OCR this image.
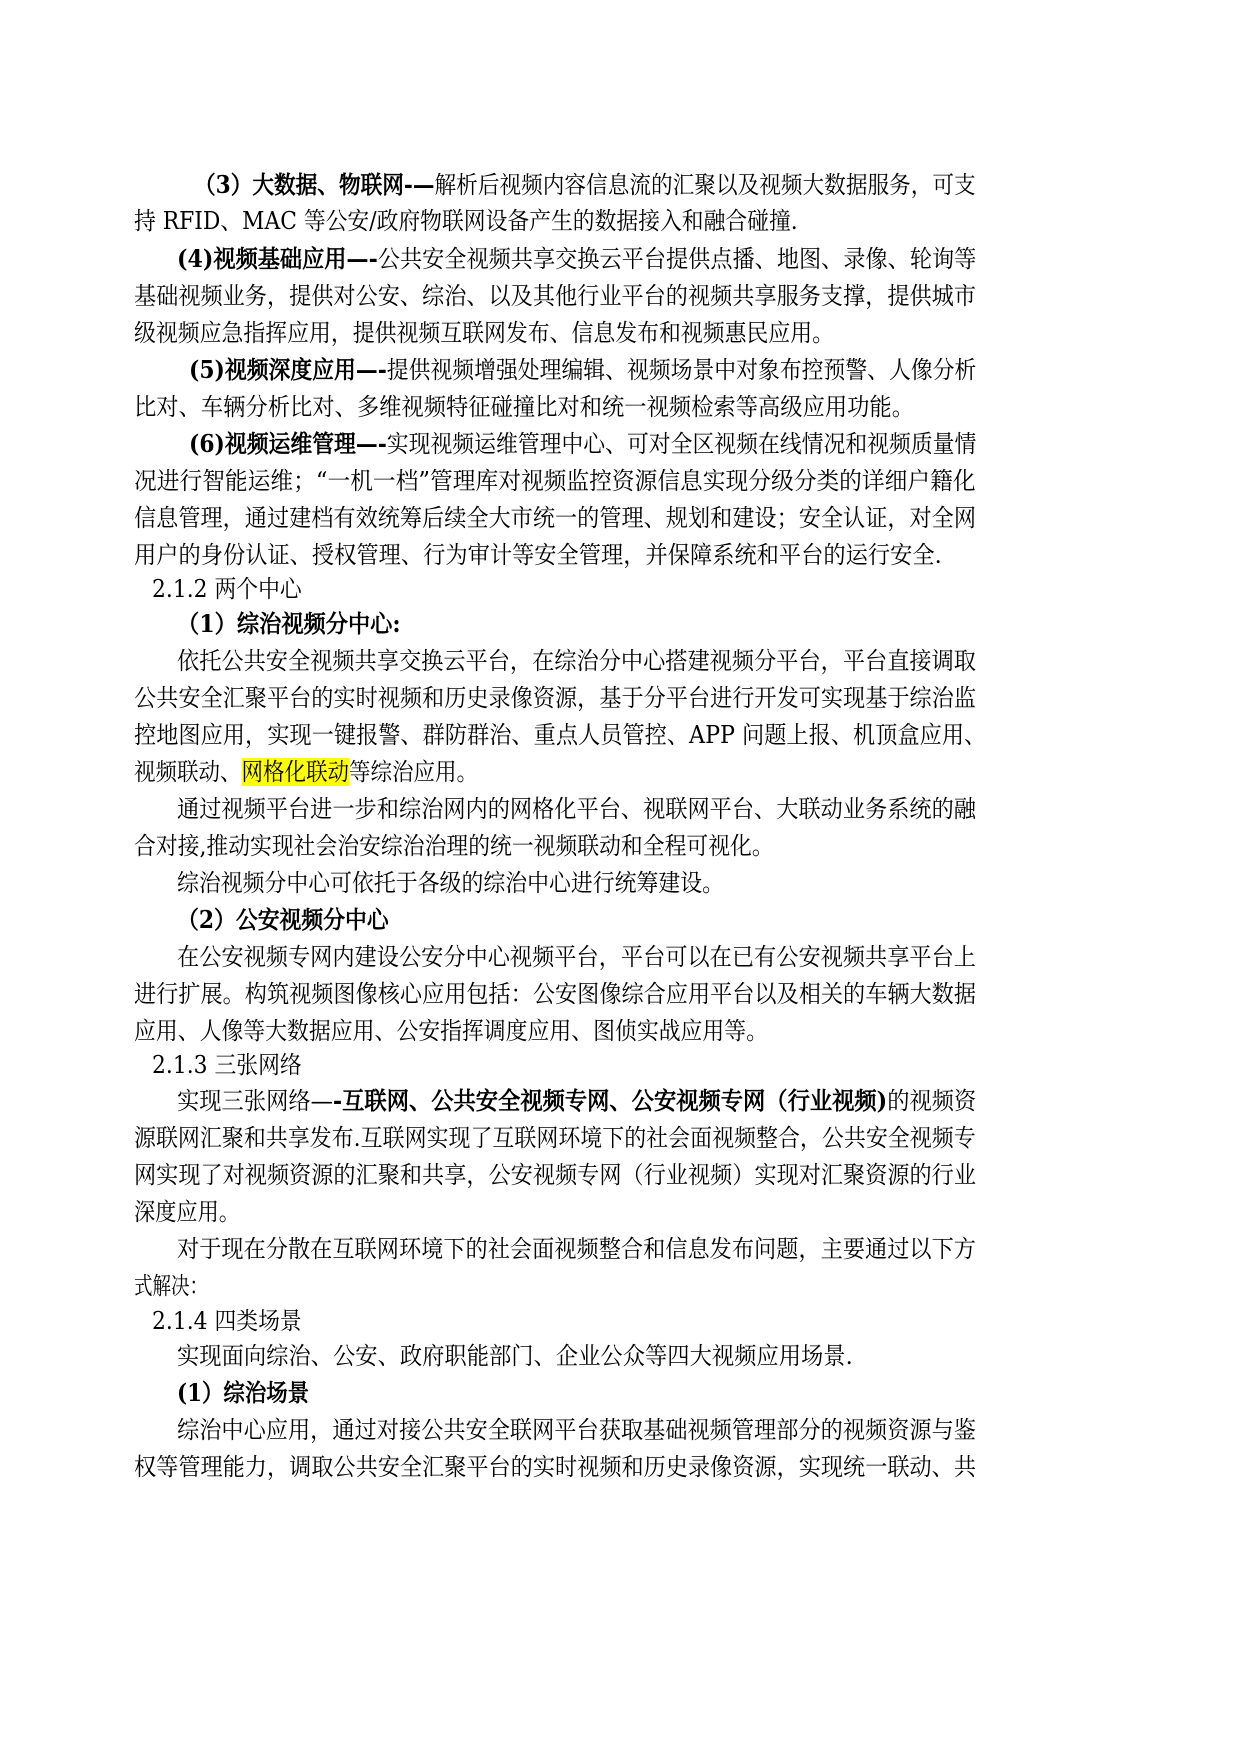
（3）大数据、物联网-—解析后视频内容信息流的汇聚以及视频大数据服务，可支
持 RFID、MAC 等公安/政府物联网设备产生的数据接入和融合碰撞.
(4)视频基础应用—-公共安全视频共享交换云平台提供点播、地图、录像、轮询等
基础视频业务，提供对公安、综治、以及其他行业平台的视频共享服务支撑，提供城市
级视频应急指挥应用，提供视频互联网发布、信息发布和视频惠民应用。
(5)视频深度应用—-提供视频增强处理编辑、视频场景中对象布控预警、人像分析
比对、车辆分析比对、多维视频特征碰撞比对和统一视频检索等高级应用功能。
(6)视频运维管理—-实现视频运维管理中心、可对全区视频在线情况和视频质量情
况进行智能运维；“一机一档”管理库对视频监控资源信息实现分级分类的详细户籍化
信息管理，通过建档有效统筹后续全大市统一的管理、规划和建设；安全认证，对全网
用户的身份认证、授权管理、行为审计等安全管理，并保障系统和平台的运行安全.
2.1.2 两个中心
（1）综治视频分中心:
依托公共安全视频共享交换云平台，在综治分中心搭建视频分平台，平台直接调取
公共安全汇聚平台的实时视频和历史录像资源，基于分平台进行开发可实现基于综治监
控地图应用，实现一键报警、群防群治、重点人员管控、APP 问题上报、机顶盒应用、
视频联动、网格化联动等综治应用。
通过视频平台进一步和综治网内的网格化平台、视联网平台、大联动业务系统的融
合对接,推动实现社会治安综治治理的统一视频联动和全程可视化。
综治视频分中心可依托于各级的综治中心进行统筹建设。
（2）公安视频分中心
在公安视频专网内建设公安分中心视频平台，平台可以在已有公安视频共享平台上
进行扩展。构筑视频图像核心应用包括：公安图像综合应用平台以及相关的车辆大数据
应用、人像等大数据应用、公安指挥调度应用、图侦实战应用等。
2.1.3 三张网络
实现三张网络—-互联网、公共安全视频专网、公安视频专网（行业视频)的视频资
源联网汇聚和共享发布.互联网实现了互联网环境下的社会面视频整合，公共安全视频专
网实现了对视频资源的汇聚和共享，公安视频专网（行业视频）实现对汇聚资源的行业
深度应用。
对于现在分散在互联网环境下的社会面视频整合和信息发布问题，主要通过以下方
式解决：
2.1.4 四类场景
实现面向综治、公安、政府职能部门、企业公众等四大视频应用场景.
(1）综治场景
综治中心应用，通过对接公共安全联网平台获取基础视频管理部分的视频资源与鉴
权等管理能力，调取公共安全汇聚平台的实时视频和历史录像资源，实现统一联动、共
